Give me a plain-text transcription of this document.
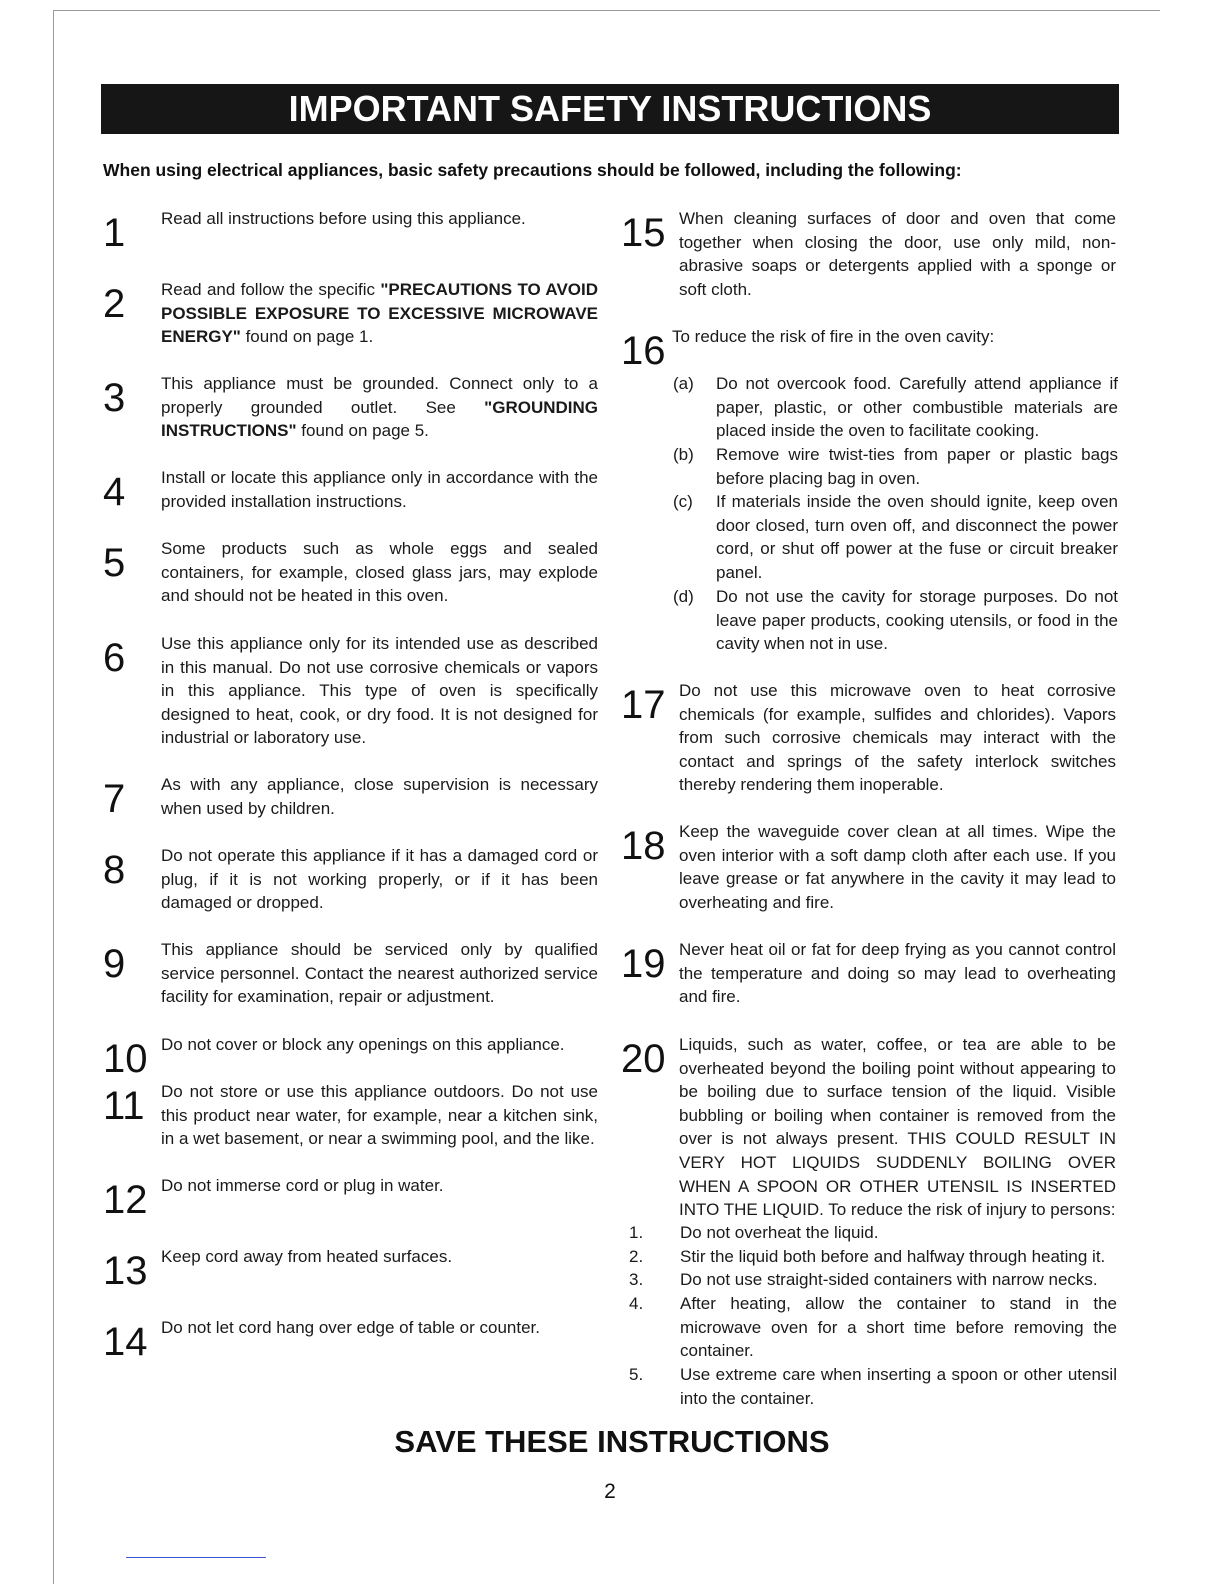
IMPORTANT SAFETY INSTRUCTIONS
When using electrical appliances, basic safety precautions should be followed, including the following:
1 Read all instructions before using this appliance.
2 Read and follow the specific "PRECAUTIONS TO AVOID POSSIBLE EXPOSURE TO EXCESSIVE MICROWAVE ENERGY" found on page 1.
3 This appliance must be grounded. Connect only to a properly grounded outlet. See "GROUNDING INSTRUCTIONS" found on page 5.
4 Install or locate this appliance only in accordance with the provided installation instructions.
5 Some products such as whole eggs and sealed containers, for example, closed glass jars, may explode and should not be heated in this oven.
6 Use this appliance only for its intended use as described in this manual. Do not use corrosive chemicals or vapors in this appliance. This type of oven is specifically designed to heat, cook, or dry food. It is not designed for industrial or laboratory use.
7 As with any appliance, close supervision is necessary when used by children.
8 Do not operate this appliance if it has a damaged cord or plug, if it is not working properly, or if it has been damaged or dropped.
9 This appliance should be serviced only by qualified service personnel. Contact the nearest authorized service facility for examination, repair or adjustment.
10 Do not cover or block any openings on this appliance.
11 Do not store or use this appliance outdoors. Do not use this product near water, for example, near a kitchen sink, in a wet basement, or near a swimming pool, and the like.
12 Do not immerse cord or plug in water.
13 Keep cord away from heated surfaces.
14 Do not let cord hang over edge of table or counter.
15 When cleaning surfaces of door and oven that come together when closing the door, use only mild, non-abrasive soaps or detergents applied with a sponge or soft cloth.
16 To reduce the risk of fire in the oven cavity:
(a) Do not overcook food. Carefully attend appliance if paper, plastic, or other combustible materials are placed inside the oven to facilitate cooking.
(b) Remove wire twist-ties from paper or plastic bags before placing bag in oven.
(c) If materials inside the oven should ignite, keep oven door closed, turn oven off, and disconnect the power cord, or shut off power at the fuse or circuit breaker panel.
(d) Do not use the cavity for storage purposes. Do not leave paper products, cooking utensils, or food in the cavity when not in use.
17 Do not use this microwave oven to heat corrosive chemicals (for example, sulfides and chlorides). Vapors from such corrosive chemicals may interact with the contact and springs of the safety interlock switches thereby rendering them inoperable.
18 Keep the waveguide cover clean at all times. Wipe the oven interior with a soft damp cloth after each use. If you leave grease or fat anywhere in the cavity it may lead to overheating and fire.
19 Never heat oil or fat for deep frying as you cannot control the temperature and doing so may lead to overheating and fire.
20 Liquids, such as water, coffee, or tea are able to be overheated beyond the boiling point without appearing to be boiling due to surface tension of the liquid. Visible bubbling or boiling when container is removed from the over is not always present. THIS COULD RESULT IN VERY HOT LIQUIDS SUDDENLY BOILING OVER WHEN A SPOON OR OTHER UTENSIL IS INSERTED INTO THE LIQUID. To reduce the risk of injury to persons:
1. Do not overheat the liquid.
2. Stir the liquid both before and halfway through heating it.
3. Do not use straight-sided containers with narrow necks.
4. After heating, allow the container to stand in the microwave oven for a short time before removing the container.
5. Use extreme care when inserting a spoon or other utensil into the container.
SAVE THESE INSTRUCTIONS
2
